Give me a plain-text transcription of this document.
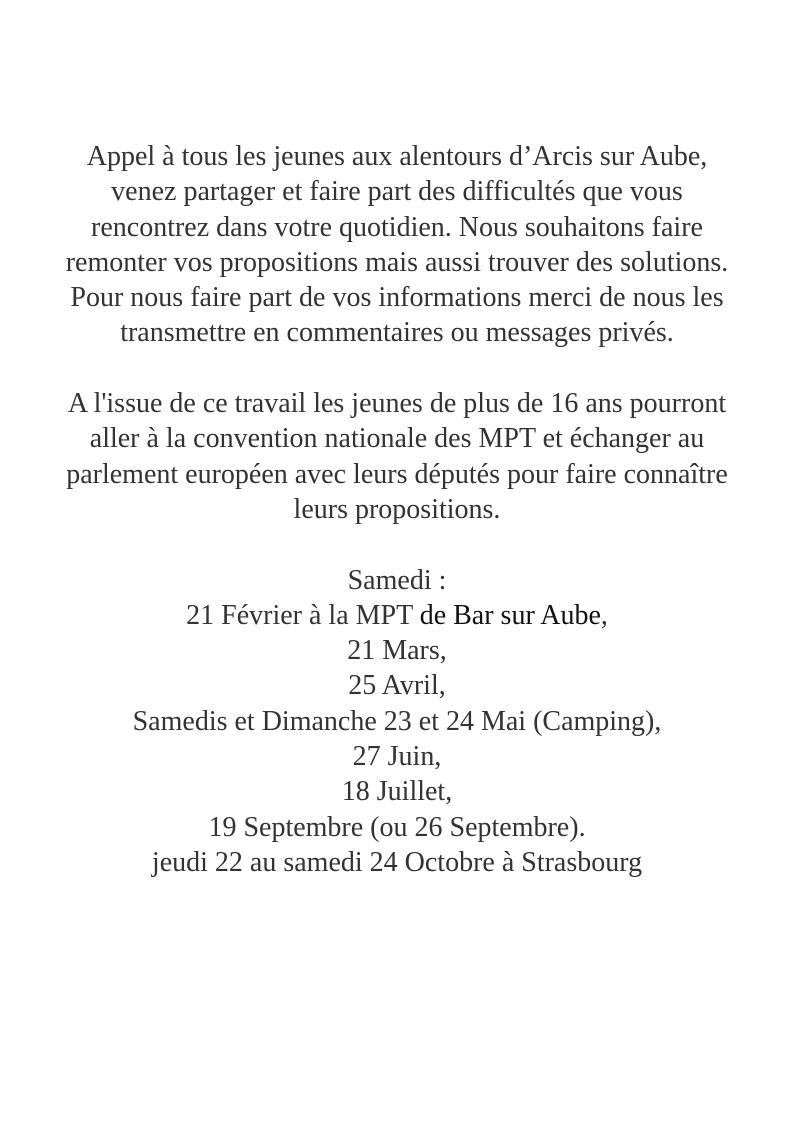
Appel à tous les jeunes aux alentours d’Arcis sur Aube,
venez partager et faire part des difficultés que vous
rencontrez dans votre quotidien. Nous souhaitons faire
remonter vos propositions mais aussi trouver des solutions.
Pour nous faire part de vos informations merci de nous les
transmettre en commentaires ou messages privés.

A l'issue de ce travail les jeunes de plus de 16 ans pourront
aller à la convention nationale des MPT et échanger au
parlement européen avec leurs députés pour faire connaître
leurs propositions.

Samedi :
21 Février à la MPT de Bar sur Aube,
21 Mars,
25 Avril,
Samedis et Dimanche 23 et 24 Mai (Camping),
27 Juin,
18 Juillet,
19 Septembre (ou 26 Septembre).
jeudi 22 au samedi 24 Octobre à Strasbourg
